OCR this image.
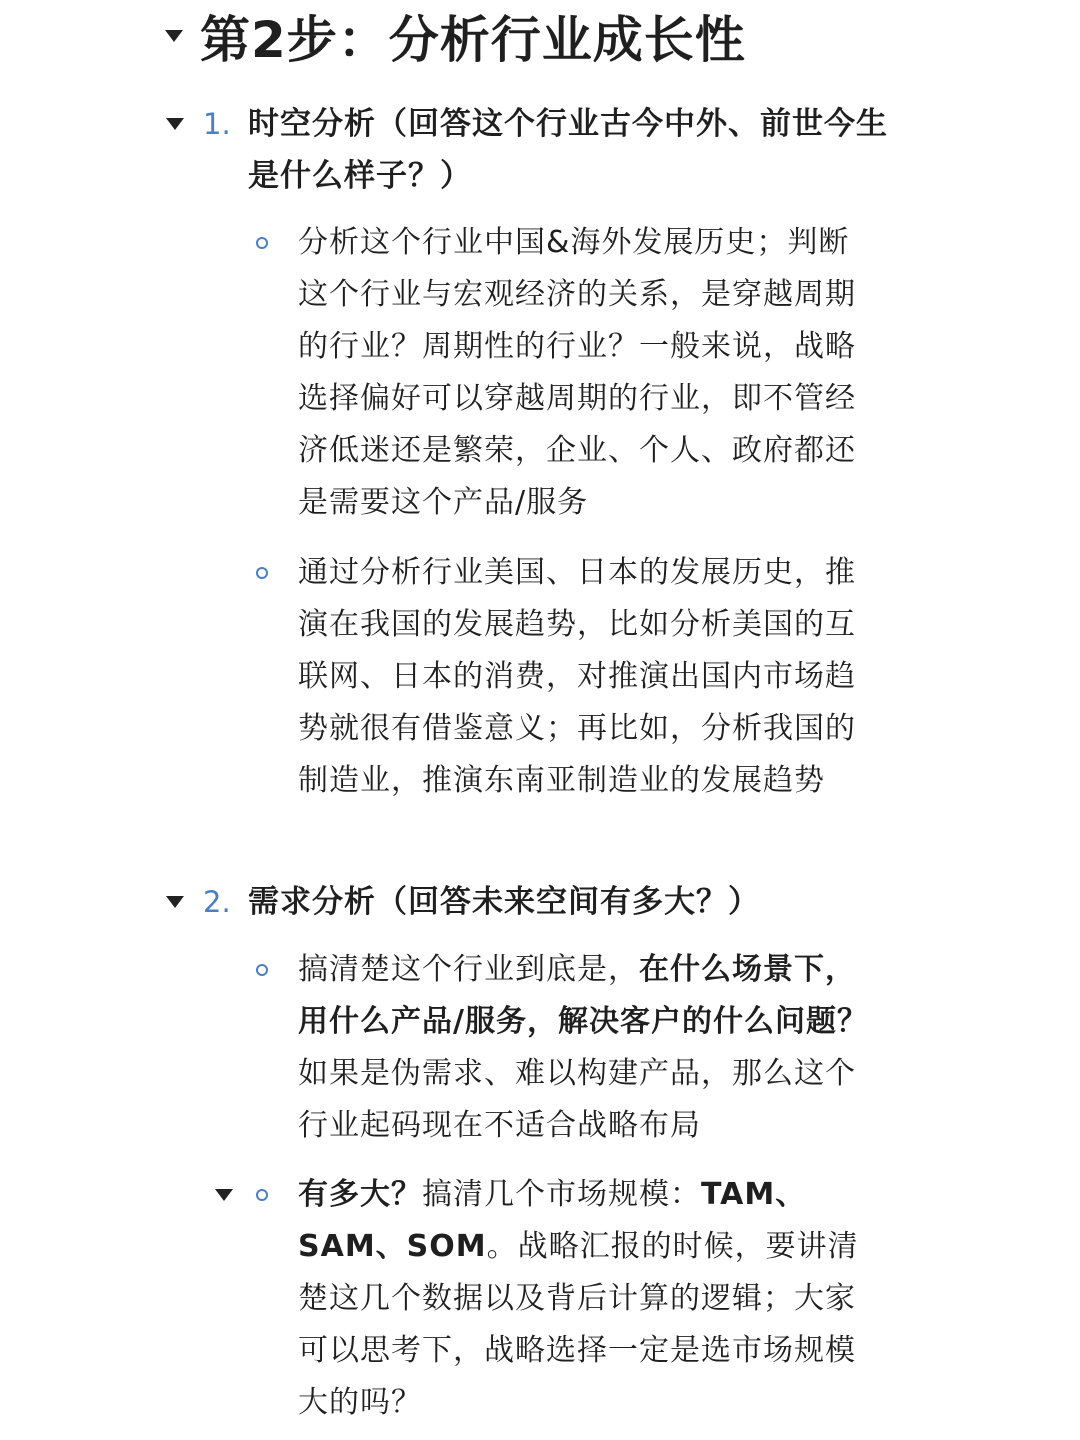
第2步：分析行业成长性
1. 时空分析（回答这个行业古今中外、前世今生是什么样子？）
分析这个行业中国&海外发展历史；判断这个行业与宏观经济的关系，是穿越周期的行业？周期性的行业？一般来说，战略选择偏好可以穿越周期的行业，即不管经济低迷还是繁荣，企业、个人、政府都还是需要这个产品/服务
通过分析行业美国、日本的发展历史，推演在我国的发展趋势，比如分析美国的互联网、日本的消费，对推演出国内市场趋势就很有借鉴意义；再比如，分析我国的制造业，推演东南亚制造业的发展趋势
2. 需求分析（回答未来空间有多大？）
搞清楚这个行业到底是，在什么场景下，用什么产品/服务，解决客户的什么问题？如果是伪需求、难以构建产品，那么这个行业起码现在不适合战略布局
有多大？搞清几个市场规模：TAM、SAM、SOM。战略汇报的时候，要讲清楚这几个数据以及背后计算的逻辑；大家可以思考下，战略选择一定是选市场规模大的吗？
